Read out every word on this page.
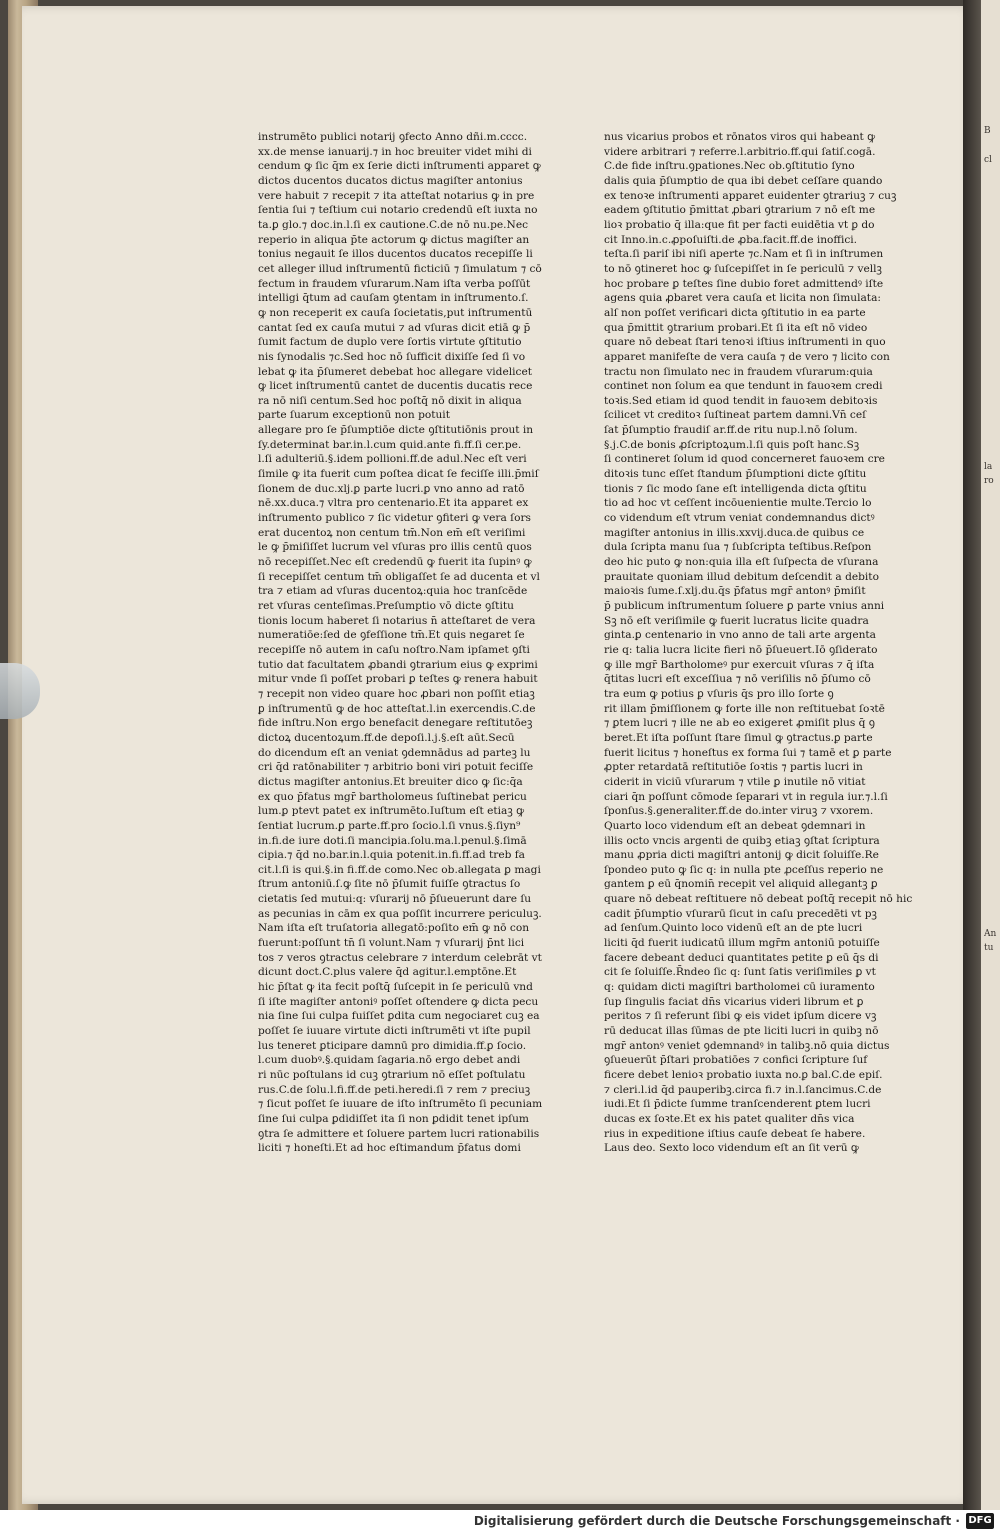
B
cl
la
ro
An
tu
instrumēto publici notarij ꝯfecto Anno dñi.m.cccc.
xx.de mense ianuarij.⁊ in hoc breuiter videt mihi di
cendum ꝙ ſic q̄m ex ſerie dicti inſtrumenti apparet ꝙ
dictos ducentos ducatos dictus magiſter antonius
vere habuit ⁊ recepit ⁊ ita atteſtat notarius ꝙ in pre
ſentia ſui ⁊ teſtium cui notario credendū eſt iuxta no
ta.ꝑ glo.⁊ doc.in.l.ſi ex cautione.C.de nō nu.pe.Nec
reperio in aliqua p̄te actorum ꝙ dictus magiſter an
tonius negauit ſe illos ducentos ducatos recepiſſe li
cet alleger illud inſtrumentū ficticiū ⁊ ſimulatum ⁊ cō
fectum in fraudem vſurarum.Nam iſta verba poſſūt
intelligi q̄tum ad cauſam ꝯtentam in inſtrumento.ſ.
ꝙ non receperit ex cauſa ſocietatis,put inſtrumentū
cantat ſed ex cauſa mutui ⁊ ad vſuras dicit etiā ꝙ p̄
ſumit factum de duplo vere ſortis virtute ꝯſtitutio
nis ſynodalis ⁊c.Sed hoc nō ſufficit dixiſſe ſed ſi vo
lebat ꝙ ita p̄ſumeret debebat hoc allegare videlicet
ꝙ licet inſtrumentū cantet de ducentis ducatis rece
ra nō niſi centum.Sed hoc poſtq̄ nō dixit in aliqua
parte ſuarum exceptionū non potuit
allegare pro ſe p̄ſumptiōe dicte ꝯſtitutiōnis prout in
ſy.determinat bar.in.l.cum quid.ante fi.ff.ſi cer.pe.
l.ſi adulteriū.§.idem pollioni.ff.de adul.Nec eſt veri
ſimile ꝙ ita fuerit cum poſtea dicat ſe feciſſe illi.p̄miſ
ſionem de duc.xlj.ꝑ parte lucri.ꝑ vno anno ad ratō
nē.xx.duca.⁊ vltra pro centenario.Et ita apparet ex
inſtrumento publico ⁊ ſic videtur ꝯfiteri ꝙ vera ſors
erat ducentoꝝ non centum tm̄.Non em̄ eſt veriſimi
le ꝙ p̄miſiſſet lucrum vel vſuras pro illis centū quos
nō recepiſſet.Nec eſt credendū ꝙ fuerit ita ſupinꝰ ꝙ
ſi recepiſſet centum tm̄ obligaſſet ſe ad ducenta et vl
tra ⁊ etiam ad vſuras ducentoꝝ:quia hoc tranſcēde
ret vſuras centeſimas.Preſumptio vō dicte ꝯſtitu
tionis locum haberet ſi notarius n̄ atteſtaret de vera
numeratiōe:ſed de ꝯfeſſione tm̄.Et quis negaret ſe
recepiſſe nō autem in caſu noſtro.Nam ipſamet ꝯſti
tutio dat facultatem ꝓbandi ꝯtrarium eius ꝙ exprimi
mitur vnde ſi poſſet probari ꝑ teſtes ꝙ renera habuit
⁊ recepit non video quare hoc ꝓbari non poſſit etiaꝫ
ꝑ inſtrumentū ꝙ de hoc atteſtat.l.in exercendis.C.de
fide inſtru.Non ergo benefacit denegare reſtitutōeꝫ
dictoꝝ ducentoꝝum.ff.de depoſi.l.j.§.eſt aūt.Secū
do dicendum eſt an veniat ꝯdemnādus ad parteꝫ lu
cri q̄d ratōnabiliter ⁊ arbitrio boni viri potuit feciſſe
dictus magiſter antonius.Et breuiter dico ꝙ ſic:q̄a
ex quo p̄fatus mgr̄ bartholomeus ſuſtinebat pericu
lum.ꝑ ptevt patet ex inſtrumēto.Iuſtum eſt etiaꝫ ꝙ
ſentiat lucrum.ꝑ parte.ff.pro ſocio.l.ſi vnus.§.ſiyn⁹
in.fi.de iure doti.ſi mancipia.ſolu.ma.l.penul.§.ſimā
cipia.⁊ q̄d no.bar.in.l.quia potenit.in.fi.ff.ad treb fa
cit.l.ſi is qui.§.in fi.ff.de como.Nec ob.allegata ꝑ magi
ſtrum antoniū.ſ.ꝙ ſite nō p̄ſumit fuiſſe ꝯtractus ſo
cietatis ſed mutui:q: vſurarij nō p̄ſueuerunt dare ſu
as pecunias in cām ex qua poſſit incurrere periculuꝫ.
Nam iſta eſt truſatoria allegatō:poſito em̄ ꝙ nō con
fuerunt:poſſunt tn̄ ſi volunt.Nam ⁊ vſurarij p̄nt lici
tos ⁊ veros ꝯtractus celebrare ⁊ interdum celebrāt vt
dicunt doct.C.plus valere q̄d agitur.l.emptōne.Et
hic p̄ſtat ꝙ ita fecit poſtq̄ ſuſcepit in ſe periculū vnd
ſi iſte magiſter antoniꝰ poſſet oſtendere ꝙ dicta pecu
nia ſine ſui culpa fuiſſet ꝑdita cum negociaret cuꝫ ea
poſſet ſe iuuare virtute dicti inſtrumēti vt iſte pupil
lus teneret ꝑticipare damnū pro dimidia.ff.ꝑ ſocio.
l.cum duobꝰ.§.quidam ſagaria.nō ergo debet andi
ri nūc poſtulans id cuꝫ ꝯtrarium nō eſſet poſtulatu
rus.C.de ſolu.l.fi.ff.de peti.heredi.ſi ⁊ rem ⁊ preciuꝫ
⁊ ſicut poſſet ſe iuuare de iſto inſtrumēto ſi pecuniam
ſine ſui culpa ꝑdidiſſet ita ſi non ꝑdidit tenet ipſum
ꝯtra ſe admittere et ſoluere partem lucri rationabilis
liciti ⁊ honeſti.Et ad hoc eſtimandum p̄fatus domi
nus vicarius probos et rōnatos viros qui habeant ꝙ
videre arbitrari ⁊ referre.l.arbitrio.ff.qui ſatiſ.cogā.
C.de fide inſtru.ꝯpationes.Nec ob.ꝯſtitutio ſyno
dalis quia p̄ſumptio de qua ibi debet ceſſare quando
ex tenoꝛe inſtrumenti apparet euidenter ꝯtrariuꝫ ⁊ cuꝫ
eadem ꝯſtitutio p̄mittat ꝓbari ꝯtrarium ⁊ nō eſt me
lioꝛ probatio q̄ illa:que fit per facti euidētia vt ꝑ do
cit Inno.in.c.ꝓpoſuiſti.de ꝓba.facit.ff.de inoffici.
teſta.ſi pariſ ibi niſi aperte ⁊c.Nam et ſi in inſtrumen
to nō ꝯtineret hoc ꝙ ſuſcepiſſet in ſe periculū ⁊ vellꝫ
hoc probare ꝑ teſtes ſine dubio foret admittendꝰ iſte
agens quia ꝓbaret vera cauſa et licita non ſimulata:
alſ non poſſet verificari dicta ꝯſtitutio in ea parte
qua p̄mittit ꝯtrarium probari.Et ſi ita eſt nō video
quare nō debeat ſtari tenoꝛi iſtius inſtrumenti in quo
apparet manifeſte de vera cauſa ⁊ de vero ⁊ licito con
tractu non ſimulato nec in fraudem vſurarum:quia
continet non ſolum ea que tendunt in fauoꝛem credi
toꝛis.Sed etiam id quod tendit in fauoꝛem debitoꝛis
ſcilicet vt creditoꝛ ſuſtineat partem damni.Vn̄ ceſ
ſat p̄ſumptio fraudiſ ar.ff.de ritu nup.l.nō ſolum.
§.j.C.de bonis ꝓſcriptoꝝum.l.ſi quis poſt hanc.Sꝫ
ſi contineret ſolum id quod concerneret fauoꝛem cre
ditoꝛis tunc eſſet ſtandum p̄ſumptioni dicte ꝯſtitu
tionis ⁊ ſic modo ſane eſt intelligenda dicta ꝯſtitu
tio ad hoc vt ceſſent incōuenientie multe.Tercio lo
co videndum eſt vtrum veniat condemnandus dictꝰ
magiſter antonius in illis.xxvij.duca.de quibus ce
dula ſcripta manu ſua ⁊ ſubſcripta teſtibus.Reſpon
deo hic puto ꝙ non:quia illa eſt ſuſpecta de vſurana
prauitate quoniam illud debitum deſcendit a debito
maioꝛis ſume.ſ.xlj.du.q̄s p̄fatus mgr̄ antonꝰ p̄miſit
p̄ publicum inſtrumentum ſoluere ꝑ parte vnius anni
Sꝫ nō eſt veriſimile ꝙ fuerit lucratus licite quadra
ginta.ꝑ centenario in vno anno de tali arte argenta
rie q: talia lucra licite fieri nō p̄ſueuert.Iō ꝯſiderato
ꝙ ille mgr̄ Bartholomeꝰ pur exercuit vſuras ⁊ q̄ iſta
q̄titas lucri eſt exceſſiua ⁊ nō veriſilis nō p̄ſumo cō
tra eum ꝙ potius ꝑ vſuris q̄s pro illo ſorte ꝯ
rit illam p̄miſſionem ꝙ forte ille non reſtituebat ſoꝛtē
⁊ ꝑtem lucri ⁊ ille ne ab eo exigeret ꝓmiſit plus q̄ ꝯ
beret.Et iſta poſſunt ſtare ſimul ꝙ ꝯtractus.ꝑ parte
fuerit licitus ⁊ honeſtus ex forma ſui ⁊ tamē et ꝑ parte
ꝓpter retardatā reſtitutiōe ſoꝛtis ⁊ partis lucri in
ciderit in viciū vſurarum ⁊ vtile ꝑ inutile nō vitiat
ciari q̄n poſſunt cōmode ſeparari vt in regula iur.⁊.l.ſi
ſponſus.§.generaliter.ff.de do.inter viruꝫ ⁊ vxorem.
Quarto loco videndum eſt an debeat ꝯdemnari in
illis octo vncis argenti de quibꝫ etiaꝫ ꝯſtat ſcriptura
manu ꝓpria dicti magiſtri antonij ꝙ dicit ſoluiſſe.Re
ſpondeo puto ꝙ ſic q: in nulla pte ꝓceſſus reperio ne
gantem ꝑ eū q̄nomin̄ recepit vel aliquid allegantꝫ ꝑ
quare nō debeat reſtituere nō debeat poſtq̄ recepit nō hic
cadit p̄ſumptio vſurarū ſicut in caſu precedēti vt pꝫ
ad ſenſum.Quinto loco videnū eſt an de pte lucri
liciti q̄d fuerit iudicatū illum mgr̄m antoniū potuiſſe
facere debeant deduci quantitates petite ꝑ eū q̄s di
cit ſe ſoluiſſe.R̄ndeo ſic q: ſunt ſatis veriſimiles ꝑ vt
q: quidam dicti magiſtri bartholomei cū iuramento
ſup ſingulis faciat dn̄s vicarius videri librum et ꝑ
peritos ⁊ ſi referunt ſibi ꝙ eis videt ipſum dicere vꝫ
rū deducat illas ſūmas de pte liciti lucri in quibꝫ nō
mgr̄ antonꝰ veniet ꝯdemnandꝰ in talibꝫ.nō quia dictus
ꝯſueuerūt p̄ſtari probatiōes ⁊ confici ſcripture ſuf
ficere debet lenioꝛ probatio iuxta no.ꝑ bal.C.de epiſ.
⁊ cleri.l.id q̄d pauperibꝫ.circa fi.⁊ in.l.ſancimus.C.de
iudi.Et ſi p̄dicte ſumme tranſcenderent ꝑtem lucri
ducas ex ſoꝛte.Et ex his patet qualiter dn̄s vica
rius in expeditione iſtius cauſe debeat ſe habere.
Laus deo. Sexto loco videndum eſt an ſit verū ꝙ
Digitalisierung gefördert durch die Deutsche Forschungsgemeinschaft · DFG
